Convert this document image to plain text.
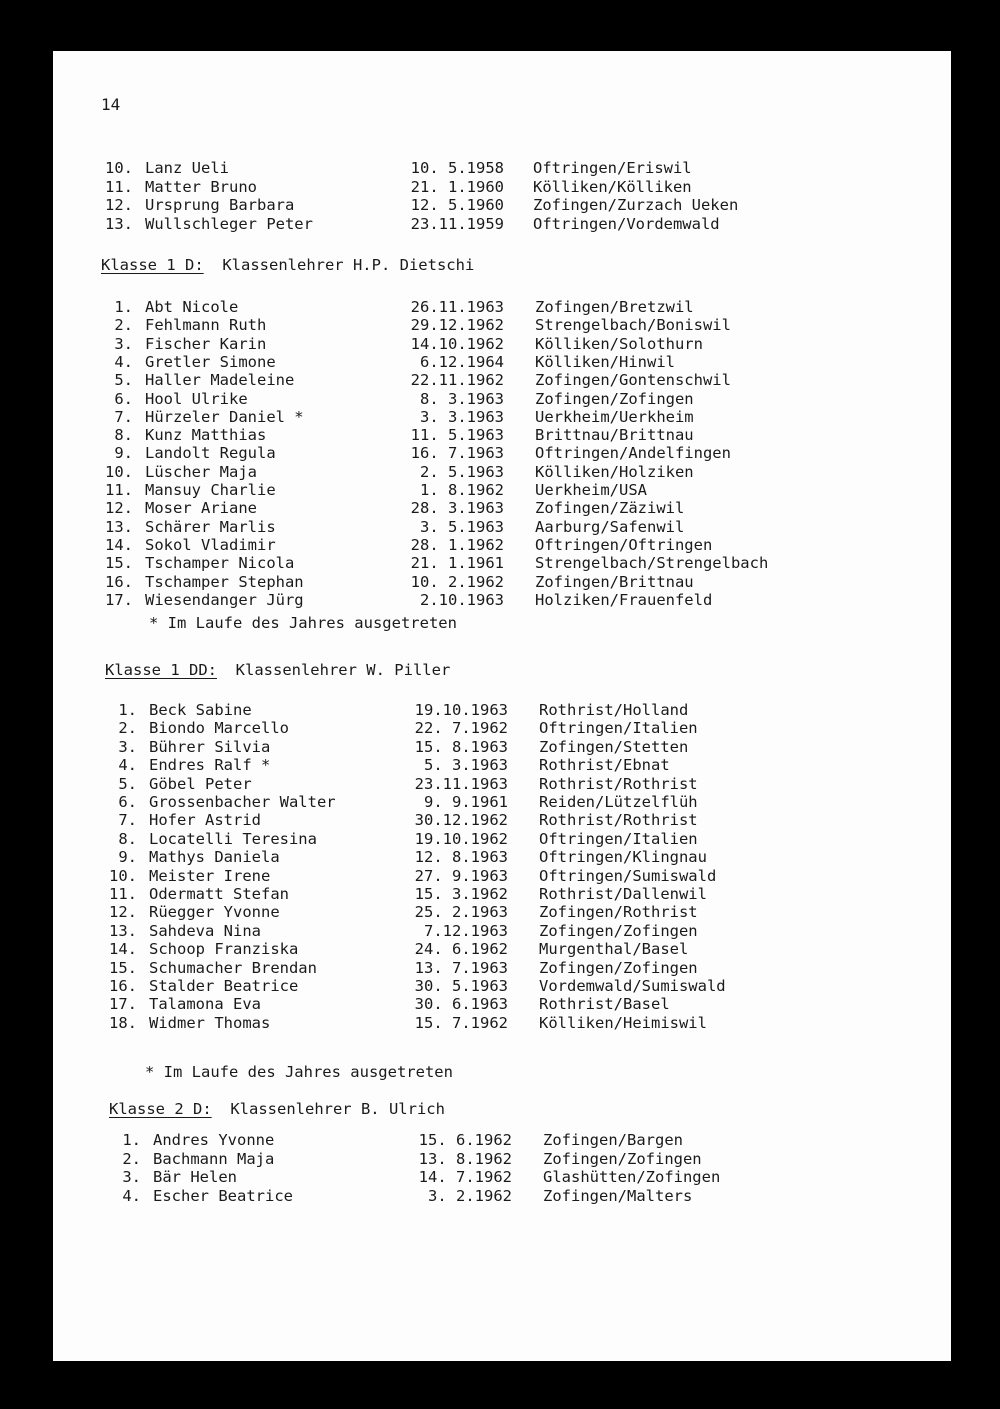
14
10. Lanz Ueli	10. 5.1958 Oftringen/Eriswil
11. Matter Bruno	21. 1.1960 Kölliken/Kölliken
12. Ursprung Barbara	12. 5.1960 Zofingen/Zurzach Ueken
13. Wullschleger Peter	23.11.1959 Oftringen/Vordemwald
Klasse 1 D: Klassenlehrer H.P. Dietschi
1. Abt Nicole	26.11.1963 Zofingen/Bretzwil
2. Fehlmann Ruth	29.12.1962 Strengelbach/Boniswil
3. Fischer Karin	14.10.1962 Kölliken/Solothurn
4. Gretler Simone	6.12.1964 Kölliken/Hinwil
5. Haller Madeleine	22.11.1962 Zofingen/Gontenschwil
6. Hool Ulrike	8. 3.1963 Zofingen/Zofingen
7. Hürzeler Daniel *	3. 3.1963 Uerkheim/Uerkheim
8. Kunz Matthias	11. 5.1963 Brittnau/Brittnau
9. Landolt Regula	16. 7.1963 Oftringen/Andelfingen
10. Lüscher Maja	2. 5.1963 Kölliken/Holziken
11. Mansuy Charlie	1. 8.1962 Uerkheim/USA
12. Moser Ariane	28. 3.1963 Zofingen/Zäziwil
13. Schärer Marlis	3. 5.1963 Aarburg/Safenwil
14. Sokol Vladimir	28. 1.1962 Oftringen/Oftringen
15. Tschamper Nicola	21. 1.1961 Strengelbach/Strengelbach
16. Tschamper Stephan	10. 2.1962 Zofingen/Brittnau
17. Wiesendanger Jürg	2.10.1963 Holziken/Frauenfeld
* Im Laufe des Jahres ausgetreten
Klasse 1 DD: Klassenlehrer W. Piller
1. Beck Sabine	19.10.1963 Rothrist/Holland
2. Biondo Marcello	22. 7.1962 Oftringen/Italien
3. Bührer Silvia	15. 8.1963 Zofingen/Stetten
4. Endres Ralf *	5. 3.1963 Rothrist/Ebnat
5. Göbel Peter	23.11.1963 Rothrist/Rothrist
6. Grossenbacher Walter	9. 9.1961 Reiden/Lützelflüh
7. Hofer Astrid	30.12.1962 Rothrist/Rothrist
8. Locatelli Teresina	19.10.1962 Oftringen/Italien
9. Mathys Daniela	12. 8.1963 Oftringen/Klingnau
10. Meister Irene	27. 9.1963 Oftringen/Sumiswald
11. Odermatt Stefan	15. 3.1962 Rothrist/Dallenwil
12. Rüegger Yvonne	25. 2.1963 Zofingen/Rothrist
13. Sahdeva Nina	7.12.1963 Zofingen/Zofingen
14. Schoop Franziska	24. 6.1962 Murgenthal/Basel
15. Schumacher Brendan	13. 7.1963 Zofingen/Zofingen
16. Stalder Beatrice	30. 5.1963 Vordemwald/Sumiswald
17. Talamona Eva	30. 6.1963 Rothrist/Basel
18. Widmer Thomas	15. 7.1962 Kölliken/Heimiswil
* Im Laufe des Jahres ausgetreten
Klasse 2 D: Klassenlehrer B. Ulrich
1. Andres Yvonne	15. 6.1962 Zofingen/Bargen
2. Bachmann Maja	13. 8.1962 Zofingen/Zofingen
3. Bär Helen	14. 7.1962 Glashütten/Zofingen
4. Escher Beatrice	3. 2.1962 Zofingen/Malters
